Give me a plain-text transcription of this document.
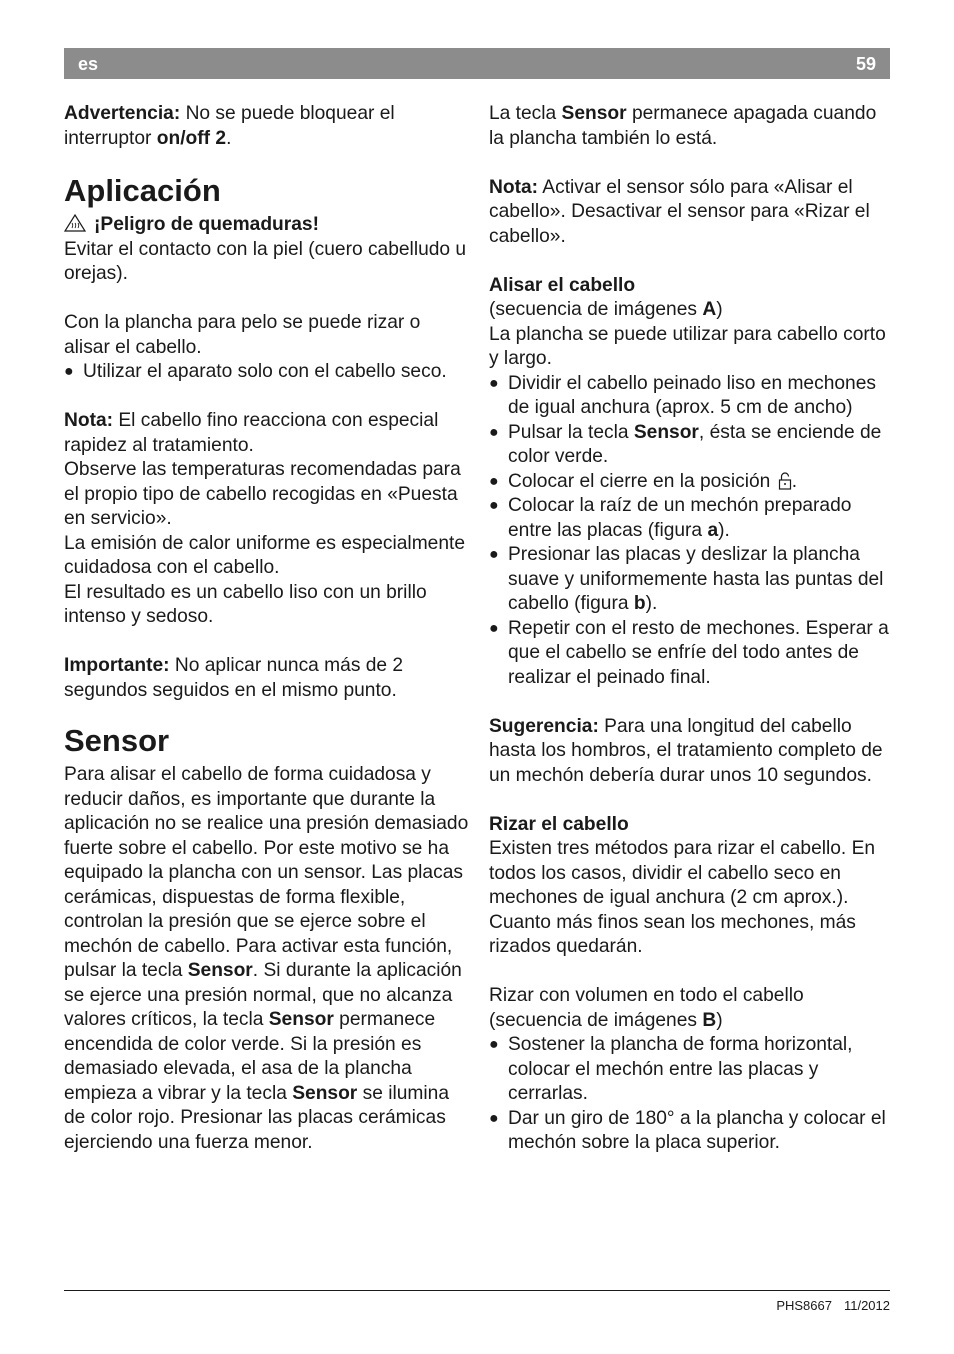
es	59

Advertencia: No se puede bloquear el interruptor on/off 2.

Aplicación

¡Peligro de quemaduras!

Evitar el contacto con la piel (cuero cabelludo u orejas).

Con la plancha para pelo se puede rizar o alisar el cabello.

● Utilizar el aparato solo con el cabello seco.

Nota: El cabello fino reacciona con especial rapidez al tratamiento.

Observe las temperaturas recomendadas para el propio tipo de cabello recogidas en «Puesta en servicio».

La emisión de calor uniforme es especialmente cuidadosa con el cabello.

El resultado es un cabello liso con un brillo intenso y sedoso.

Importante: No aplicar nunca más de 2 segundos seguidos en el mismo punto.

Sensor

Para alisar el cabello de forma cuidadosa y reducir daños, es importante que durante la aplicación no se realice una presión demasiado fuerte sobre el cabello. Por este motivo se ha equipado la plancha con un sensor. Las placas cerámicas, dispuestas de forma flexible, controlan la presión que se ejerce sobre el mechón de cabello. Para activar esta función, pulsar la tecla Sensor. Si durante la aplicación se ejerce una presión normal, que no alcanza valores críticos, la tecla Sensor permanece encendida de color verde. Si la presión es demasiado elevada, el asa de la plancha empieza a vibrar y la tecla Sensor se ilumina de color rojo. Presionar las placas cerámicas ejerciendo una fuerza menor.

La tecla Sensor permanece apagada cuando la plancha también lo está.

Nota: Activar el sensor sólo para «Alisar el cabello». Desactivar el sensor para «Rizar el cabello».

Alisar el cabello

(secuencia de imágenes A)

La plancha se puede utilizar para cabello corto y largo.

● Dividir el cabello peinado liso en mechones de igual anchura (aprox. 5 cm de ancho)
● Pulsar la tecla Sensor, ésta se enciende de color verde.
● Colocar el cierre en la posición .
● Colocar la raíz de un mechón preparado entre las placas (figura a).
● Presionar las placas y deslizar la plancha suave y uniformemente hasta las puntas del cabello (figura b).
● Repetir con el resto de mechones. Esperar a que el cabello se enfríe del todo antes de realizar el peinado final.

Sugerencia: Para una longitud del cabello hasta los hombros, el tratamiento completo de un mechón debería durar unos 10 segundos.

Rizar el cabello

Existen tres métodos para rizar el cabello. En todos los casos, dividir el cabello seco en mechones de igual anchura (2 cm aprox.). Cuanto más finos sean los mechones, más rizados quedarán.

Rizar con volumen en todo el cabello

(secuencia de imágenes B)

● Sostener la plancha de forma horizontal, colocar el mechón entre las placas y cerrarlas.
● Dar un giro de 180° a la plancha y colocar el mechón sobre la placa superior.
PHS8667 11/2012
